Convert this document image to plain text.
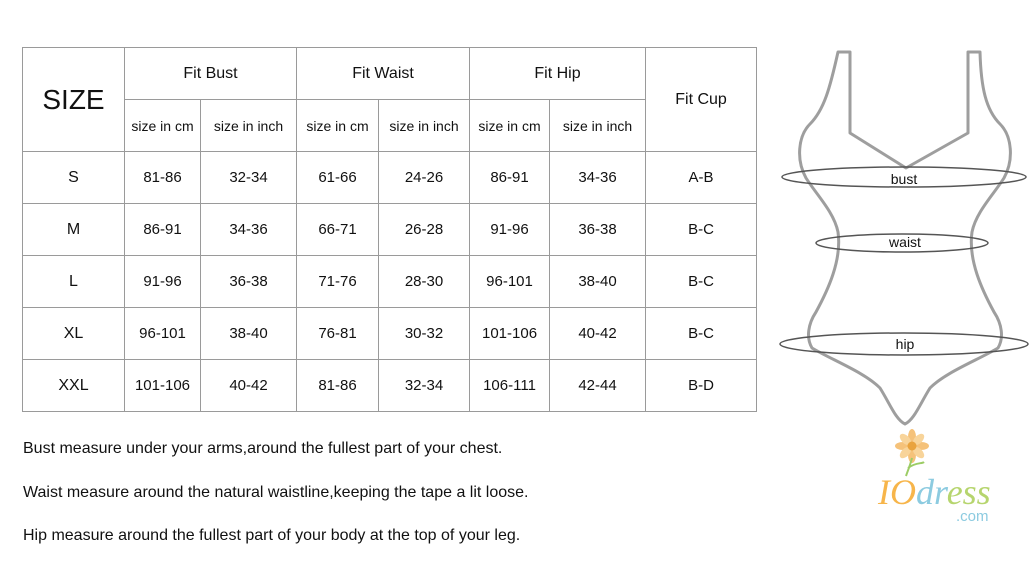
SIZE	Fit Bust		Fit Waist		Fit Hip		Fit Cup
	size in cm	size in inch	size in cm	size in inch	size in cm	size in inch	
S	81-86	32-34	61-66	24-26	86-91	34-36	A-B
M	86-91	34-36	66-71	26-28	91-96	36-38	B-C
L	91-96	36-38	71-76	28-30	96-101	38-40	B-C
XL	96-101	38-40	76-81	30-32	101-106	40-42	B-C
XXL	101-106	40-42	81-86	32-34	106-111	42-44	B-D
Bust measure under your arms,around the fullest part of your chest.
Waist measure around the natural waistline,keeping the tape a lit loose.
Hip measure around the fullest part of your body at the top of your leg.
bust
waist
hip
IOdress
.com
